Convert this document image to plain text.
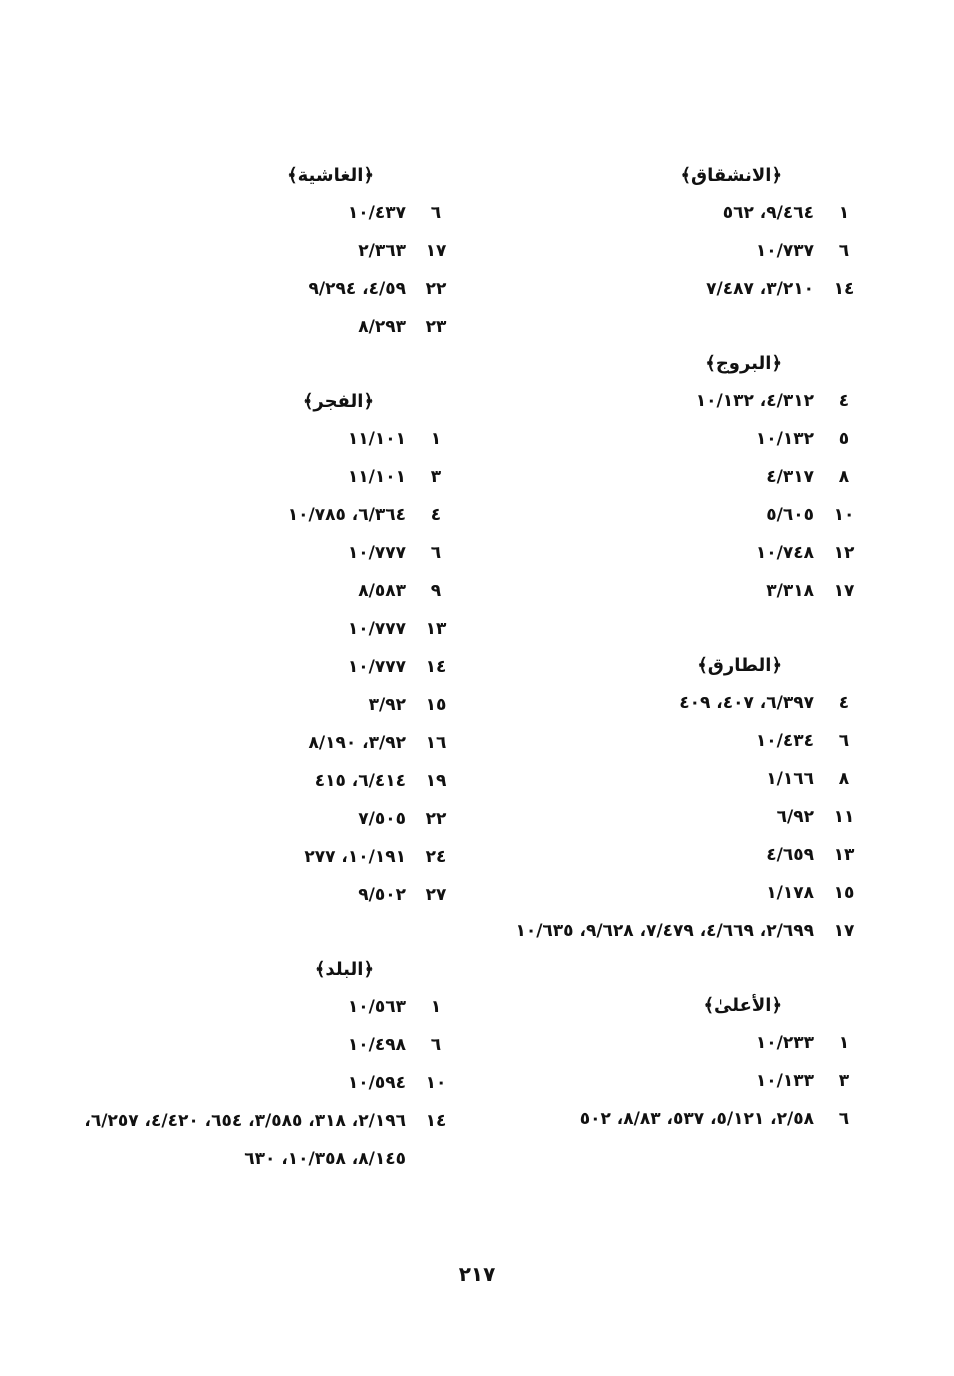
﴿الانشقاق﴾
١
٩/٤٦٤، ٥٦٢
٦
١٠/٧٣٧
١٤
٣/٢١٠، ٧/٤٨٧
﴿البروج﴾
٤
٤/٣١٢، ١٠/١٣٢
٥
١٠/١٣٢
٨
٤/٣١٧
١٠
٥/٦٠٥
١٢
١٠/٧٤٨
١٧
٣/٣١٨
﴿الطارق﴾
٤
٦/٣٩٧، ٤٠٧، ٤٠٩
٦
١٠/٤٣٤
٨
١/١٦٦
١١
٦/٩٢
١٣
٤/٦٥٩
١٥
١/١٧٨
١٧
٢/٦٩٩، ٤/٦٦٩، ٧/٤٧٩، ٩/٦٢٨، ١٠/٦٣٥
﴿الأعلىٰ﴾
١
١٠/٢٣٣
٣
١٠/١٣٣
٦
٢/٥٨، ٥/١٢١، ٥٣٧، ٨/٨٣، ٥٠٢
﴿الغاشية﴾
٦
١٠/٤٣٧
١٧
٢/٣٦٣
٢٢
٤/٥٩، ٩/٢٩٤
٢٣
٨/٢٩٣
﴿الفجر﴾
١
١١/١٠١
٣
١١/١٠١
٤
٦/٣٦٤، ١٠/٧٨٥
٦
١٠/٧٧٧
٩
٨/٥٨٣
١٣
١٠/٧٧٧
١٤
١٠/٧٧٧
١٥
٣/٩٢
١٦
٣/٩٢، ٨/١٩٠
١٩
٦/٤١٤، ٤١٥
٢٢
٧/٥٠٥
٢٤
١٠/١٩١، ٢٧٧
٢٧
٩/٥٠٢
﴿البلد﴾
١
١٠/٥٦٣
٦
١٠/٤٩٨
١٠
١٠/٥٩٤
١٤
٢/١٩٦، ٣١٨، ٣/٥٨٥، ٦٥٤، ٤/٤٢٠، ٦/٢٥٧، ٨/١٤٥، ١٠/٣٥٨، ٦٣٠
٢١٧
